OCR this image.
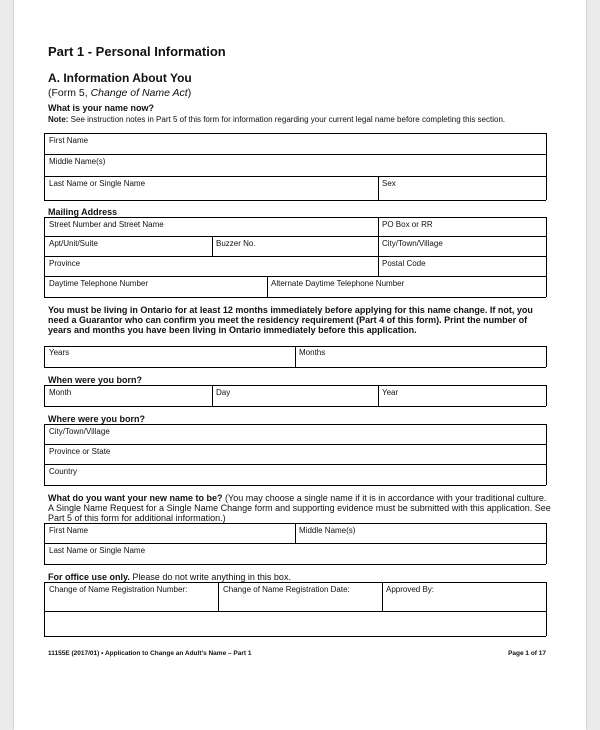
Part 1 - Personal Information
A. Information About You
(Form 5, Change of Name Act)
What is your name now?
Note: See instruction notes in Part 5 of this form for information regarding your current legal name before completing this section.
First Name
Middle Name(s)
Last Name or Single Name	Sex
Mailing Address
Street Number and Street Name	PO Box or RR
Apt/Unit/Suite	Buzzer No.	City/Town/Village
Province	Postal Code
Daytime Telephone Number	Alternate Daytime Telephone Number
You must be living in Ontario for at least 12 months immediately before applying for this name change. If not, you need a Guarantor who can confirm you meet the residency requirement (Part 4 of this form). Print the number of years and months you have been living in Ontario immediately before this application.
Years	Months
When were you born?
Month	Day	Year
Where were you born?
City/Town/Village
Province or State
Country
What do you want your new name to be? (You may choose a single name if it is in accordance with your traditional culture. A Single Name Request for a Single Name Change form and supporting evidence must be submitted with this application. See Part 5 of this form for additional information.)
First Name	Middle Name(s)
Last Name or Single Name
For office use only. Please do not write anything in this box.
Change of Name Registration Number:	Change of Name Registration Date:	Approved By:
11155E (2017/01) • Application to Change an Adult’s Name – Part 1	Page 1 of 17
